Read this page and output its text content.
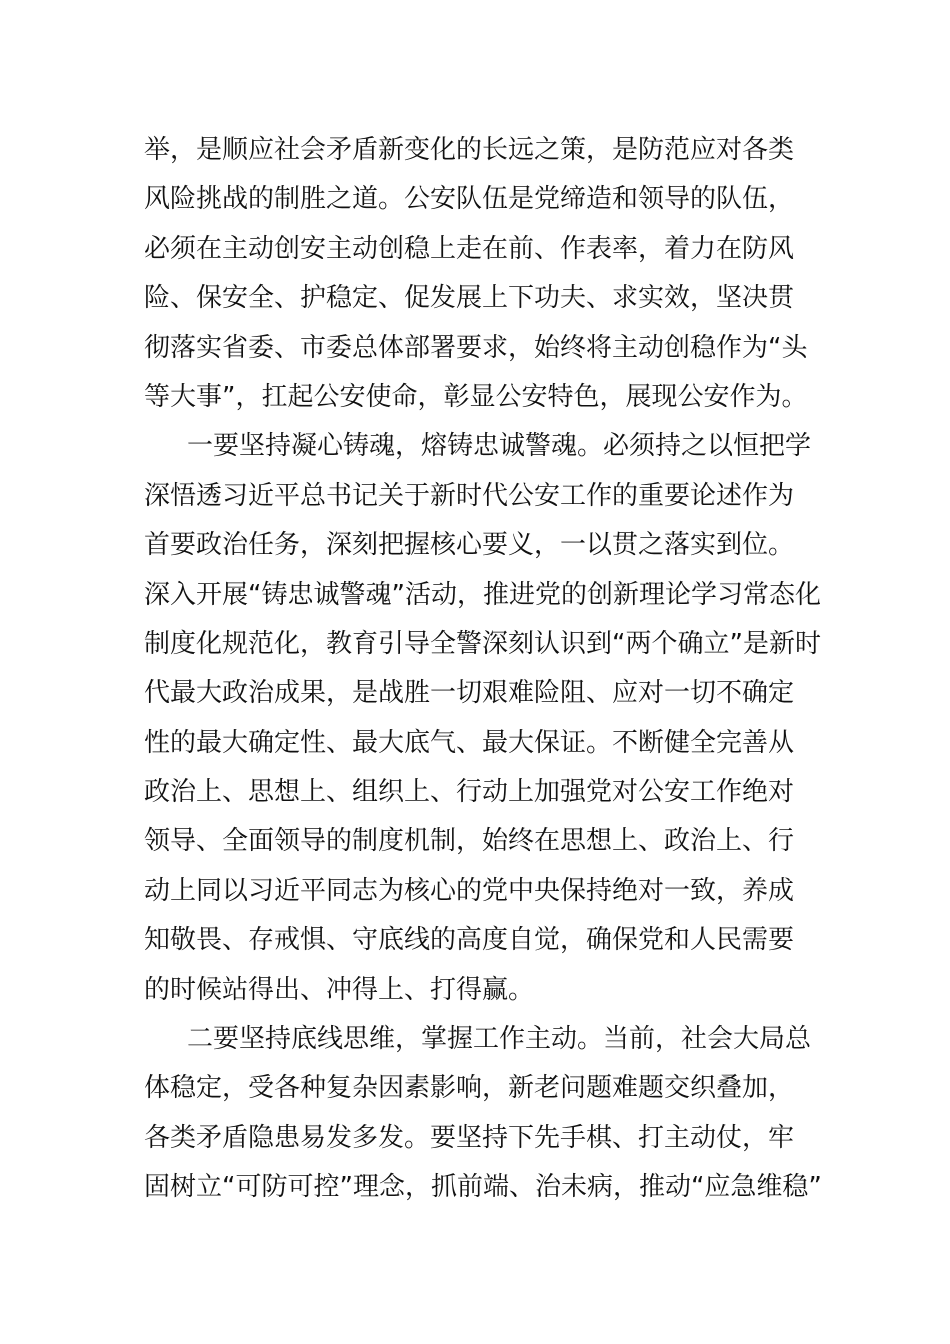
举，是顺应社会矛盾新变化的长远之策，是防范应对各类
风险挑战的制胜之道。公安队伍是党缔造和领导的队伍，
必须在主动创安主动创稳上走在前、作表率，着力在防风
险、保安全、护稳定、促发展上下功夫、求实效，坚决贯
彻落实省委、市委总体部署要求，始终将主动创稳作为“头
等大事”，扛起公安使命，彰显公安特色，展现公安作为。
一要坚持凝心铸魂，熔铸忠诚警魂。必须持之以恒把学
深悟透习近平总书记关于新时代公安工作的重要论述作为
首要政治任务，深刻把握核心要义，一以贯之落实到位。
深入开展“铸忠诚警魂”活动，推进党的创新理论学习常态化
制度化规范化，教育引导全警深刻认识到“两个确立”是新时
代最大政治成果，是战胜一切艰难险阻、应对一切不确定
性的最大确定性、最大底气、最大保证。不断健全完善从
政治上、思想上、组织上、行动上加强党对公安工作绝对
领导、全面领导的制度机制，始终在思想上、政治上、行
动上同以习近平同志为核心的党中央保持绝对一致，养成
知敬畏、存戒惧、守底线的高度自觉，确保党和人民需要
的时候站得出、冲得上、打得赢。
二要坚持底线思维，掌握工作主动。当前，社会大局总
体稳定，受各种复杂因素影响，新老问题难题交织叠加，
各类矛盾隐患易发多发。要坚持下先手棋、打主动仗，牢
固树立“可防可控”理念，抓前端、治未病，推动“应急维稳”
